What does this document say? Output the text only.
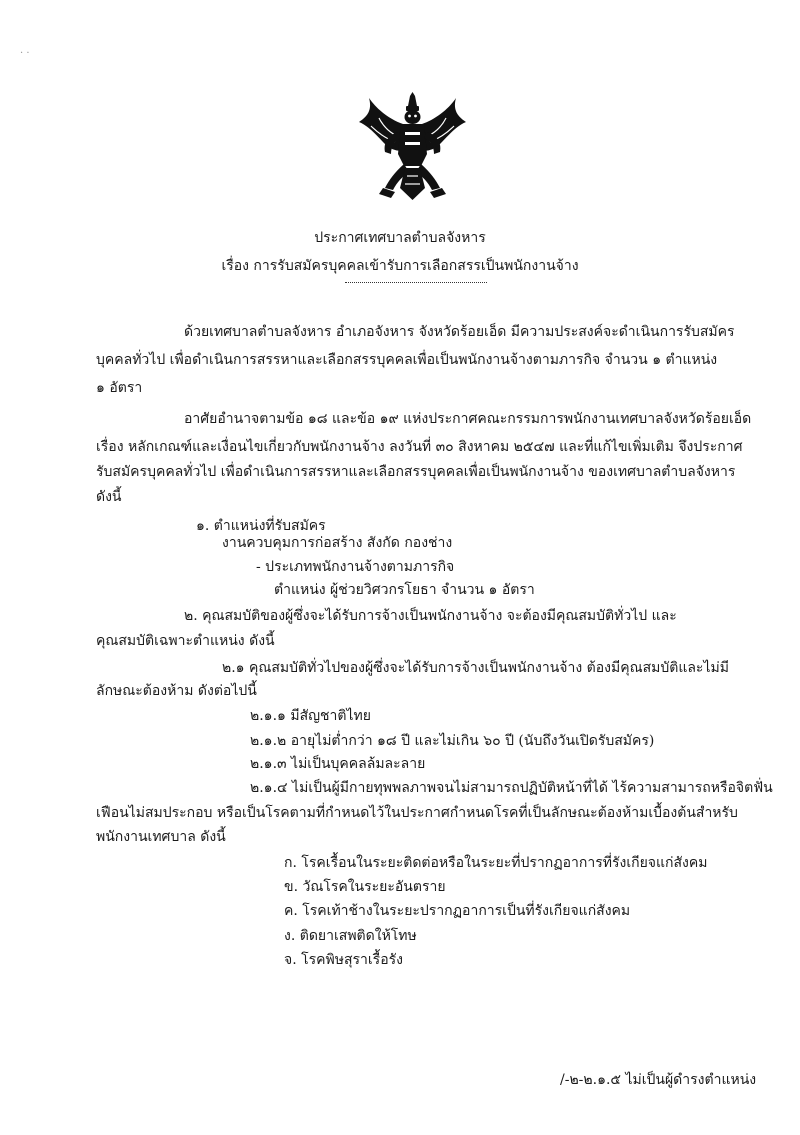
· ·
ประกาศเทศบาลตำบลจังหาร
เรื่อง การรับสมัครบุคคลเข้ารับการเลือกสรรเป็นพนักงานจ้าง
ด้วยเทศบาลตำบลจังหาร อำเภอจังหาร จังหวัดร้อยเอ็ด มีความประสงค์จะดำเนินการรับสมัคร
บุคคลทั่วไป เพื่อดำเนินการสรรหาและเลือกสรรบุคคลเพื่อเป็นพนักงานจ้างตามภารกิจ จำนวน ๑ ตำแหน่ง
๑ อัตรา
อาศัยอำนาจตามข้อ ๑๘ และข้อ ๑๙ แห่งประกาศคณะกรรมการพนักงานเทศบาลจังหวัดร้อยเอ็ด
เรื่อง หลักเกณฑ์และเงื่อนไขเกี่ยวกับพนักงานจ้าง ลงวันที่ ๓๐ สิงหาคม ๒๕๔๗ และที่แก้ไขเพิ่มเติม จึงประกาศ
รับสมัครบุคคลทั่วไป เพื่อดำเนินการสรรหาและเลือกสรรบุคคลเพื่อเป็นพนักงานจ้าง ของเทศบาลตำบลจังหาร
ดังนี้
๑. ตำแหน่งที่รับสมัคร
งานควบคุมการก่อสร้าง สังกัด กองช่าง
- ประเภทพนักงานจ้างตามภารกิจ
ตำแหน่ง ผู้ช่วยวิศวกรโยธา จำนวน ๑ อัตรา
๒. คุณสมบัติของผู้ซึ่งจะได้รับการจ้างเป็นพนักงานจ้าง จะต้องมีคุณสมบัติทั่วไป และ
คุณสมบัติเฉพาะตำแหน่ง ดังนี้
๒.๑ คุณสมบัติทั่วไปของผู้ซึ่งจะได้รับการจ้างเป็นพนักงานจ้าง ต้องมีคุณสมบัติและไม่มี
ลักษณะต้องห้าม ดังต่อไปนี้
๒.๑.๑ มีสัญชาติไทย
๒.๑.๒ อายุไม่ต่ำกว่า ๑๘ ปี และไม่เกิน ๖๐ ปี (นับถึงวันเปิดรับสมัคร)
๒.๑.๓ ไม่เป็นบุคคลล้มละลาย
๒.๑.๔ ไม่เป็นผู้มีกายทุพพลภาพจนไม่สามารถปฏิบัติหน้าที่ได้ ไร้ความสามารถหรือจิตฟั่น
เฟือนไม่สมประกอบ หรือเป็นโรคตามที่กำหนดไว้ในประกาศกำหนดโรคที่เป็นลักษณะต้องห้ามเบื้องต้นสำหรับ
พนักงานเทศบาล ดังนี้
ก. โรคเรื้อนในระยะติดต่อหรือในระยะที่ปรากฏอาการที่รังเกียจแก่สังคม
ข. วัณโรคในระยะอันตราย
ค. โรคเท้าช้างในระยะปรากฏอาการเป็นที่รังเกียจแก่สังคม
ง. ติดยาเสพติดให้โทษ
จ. โรคพิษสุราเรื้อรัง
/-๒-๒.๑.๕ ไม่เป็นผู้ดำรงตำแหน่ง
